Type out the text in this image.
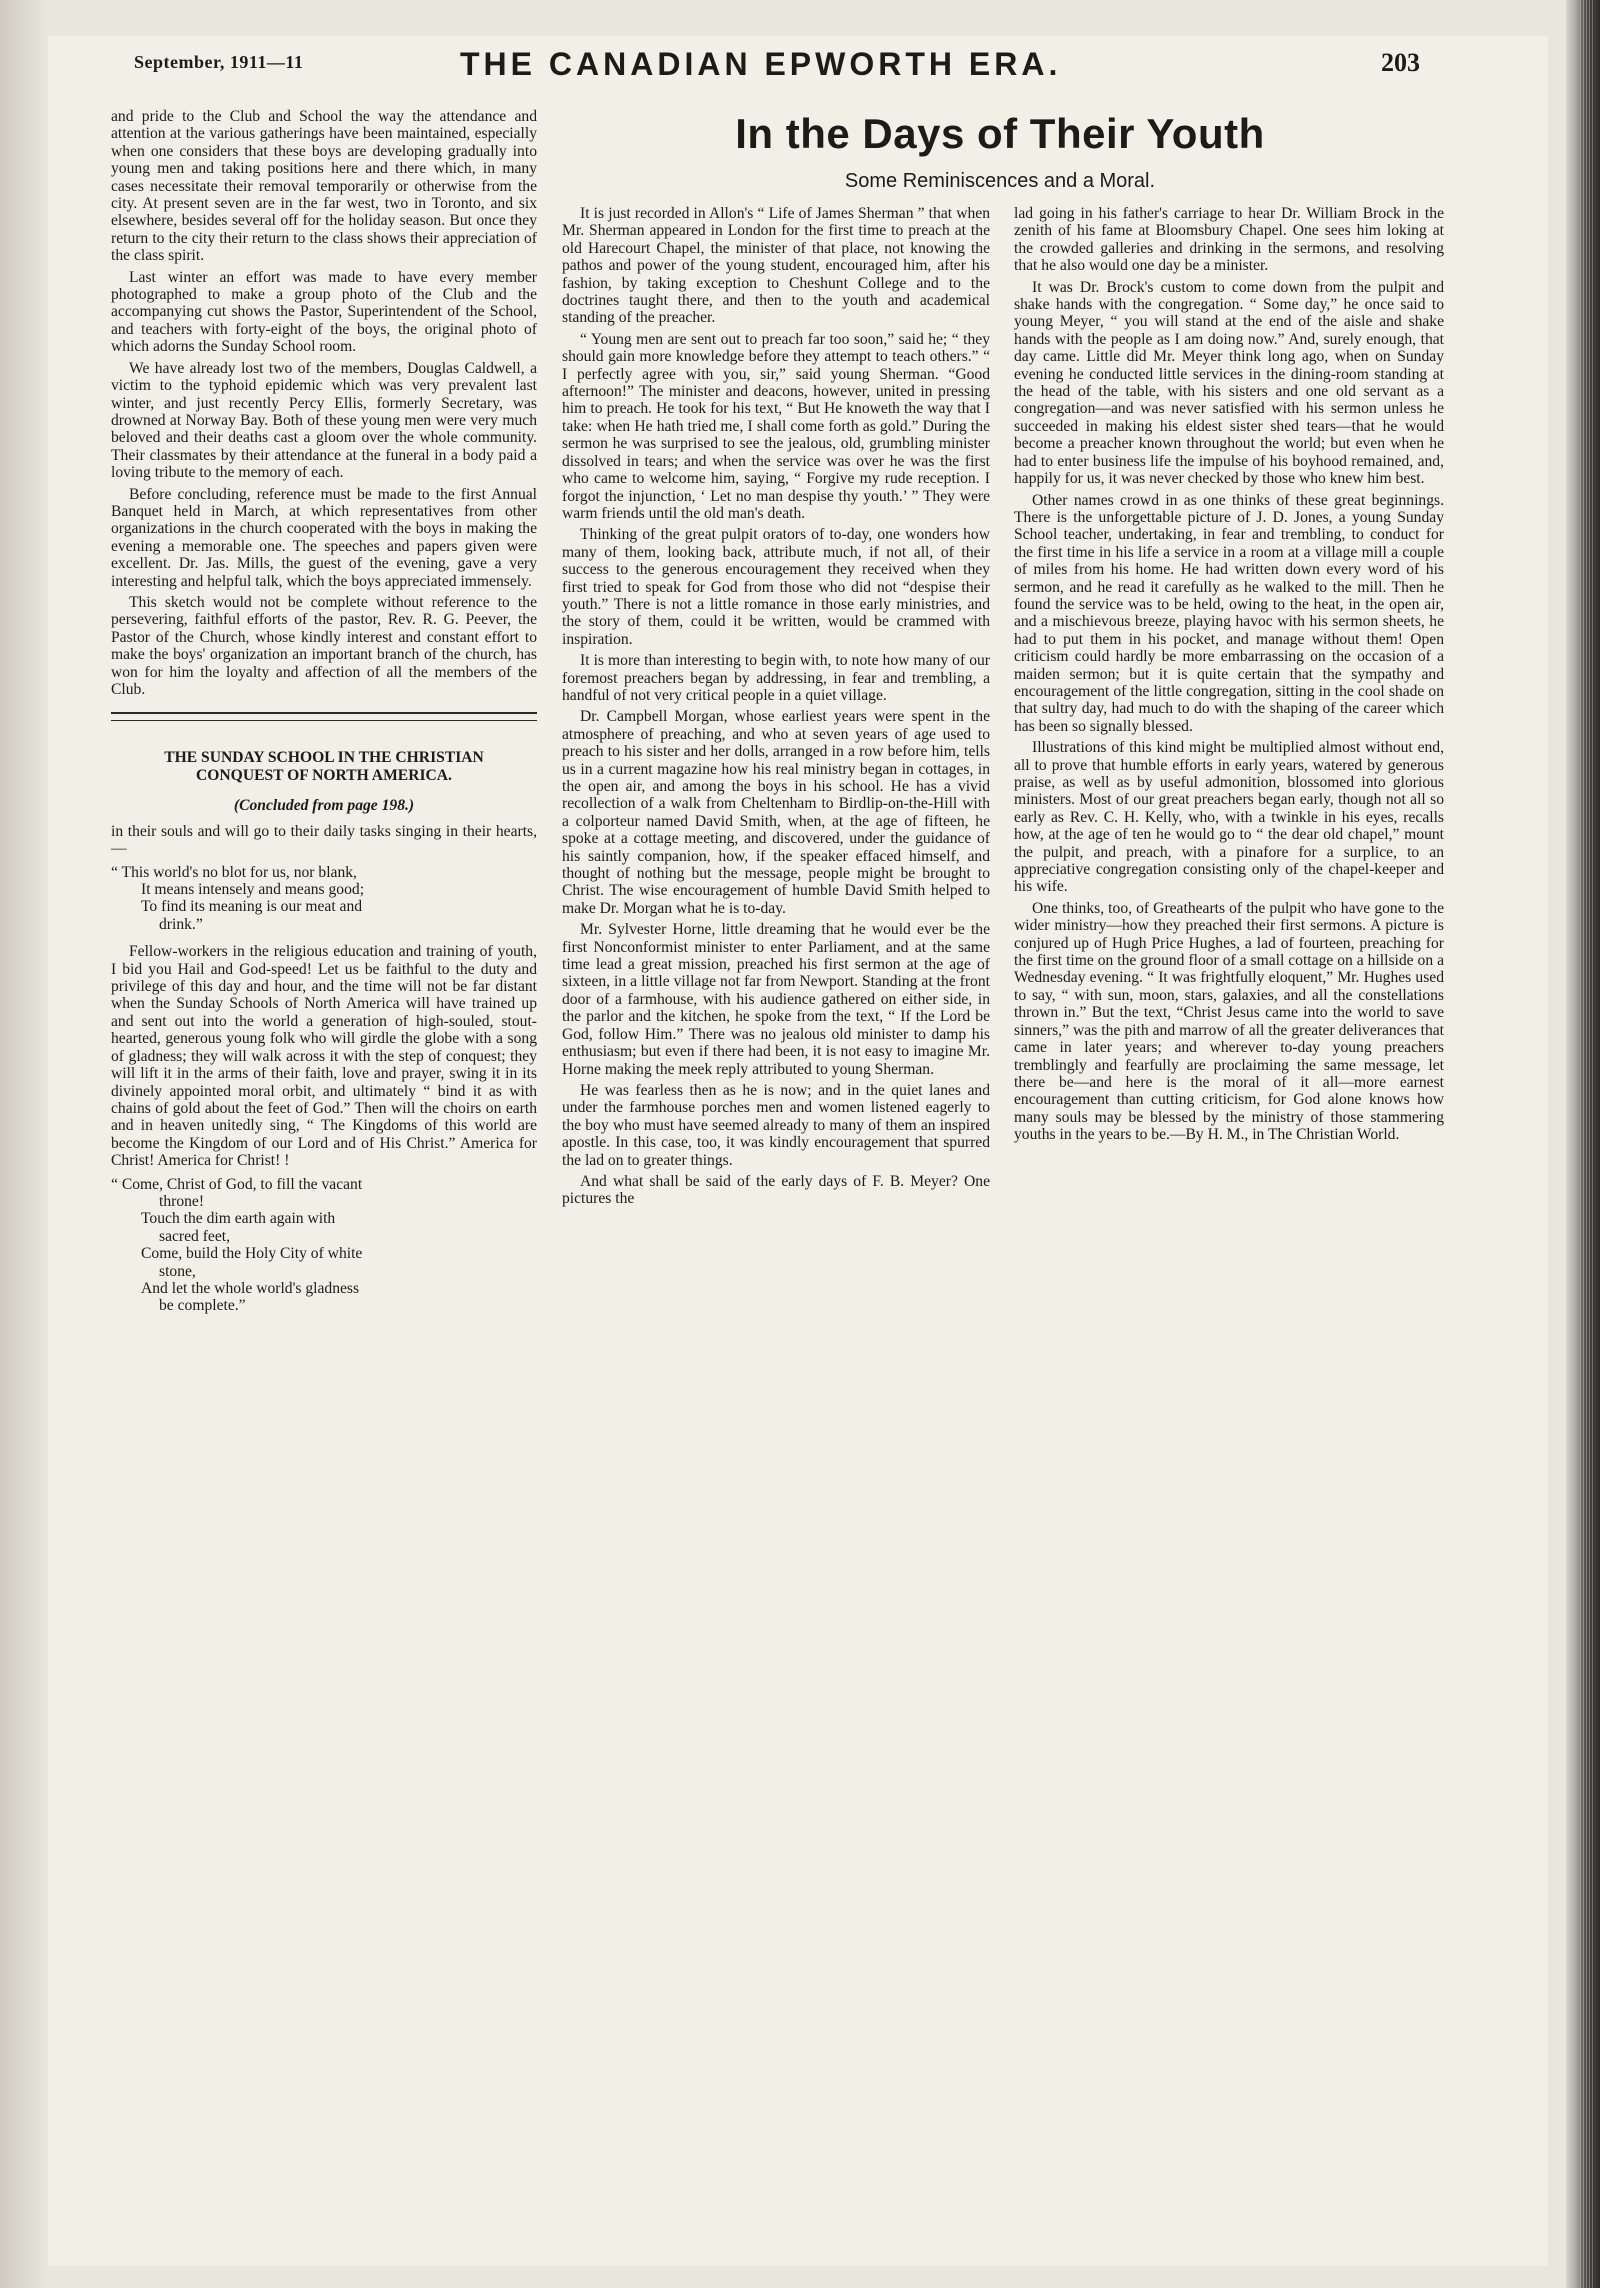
September, 1911—11	THE CANADIAN EPWORTH ERA.	203

and pride to the Club and School the way the attendance and attention at the various gatherings have been maintained, especially when one considers that these boys are developing gradually into young men and taking positions here and there which, in many cases necessitate their removal temporarily or otherwise from the city. At present seven are in the far west, two in Toronto, and six elsewhere, besides several off for the holiday season. But once they return to the city their return to the class shows their appreciation of the class spirit.

Last winter an effort was made to have every member photographed to make a group photo of the Club and the accompanying cut shows the Pastor, Superintendent of the School, and teachers with forty-eight of the boys, the original photo of which adorns the Sunday School room.

We have already lost two of the members, Douglas Caldwell, a victim to the typhoid epidemic which was very prevalent last winter, and just recently Percy Ellis, formerly Secretary, was drowned at Norway Bay. Both of these young men were very much beloved and their deaths cast a gloom over the whole community. Their classmates by their attendance at the funeral in a body paid a loving tribute to the memory of each.

Before concluding, reference must be made to the first Annual Banquet held in March, at which representatives from other organizations in the church cooperated with the boys in making the evening a memorable one. The speeches and papers given were excellent. Dr. Jas. Mills, the guest of the evening, gave a very interesting and helpful talk, which the boys appreciated immensely.

This sketch would not be complete without reference to the persevering, faithful efforts of the pastor, Rev. R. G. Peever, the Pastor of the Church, whose kindly interest and constant effort to make the boys' organization an important branch of the church, has won for him the loyalty and affection of all the members of the Club.

THE SUNDAY SCHOOL IN THE CHRISTIAN CONQUEST OF NORTH AMERICA.
(Concluded from page 198.)

in their souls and will go to their daily tasks singing in their hearts,—

“ This world's no blot for us, nor blank,
It means intensely and means good;
To find its meaning is our meat and
drink.”

Fellow-workers in the religious education and training of youth, I bid you Hail and God-speed! Let us be faithful to the duty and privilege of this day and hour, and the time will not be far distant when the Sunday Schools of North America will have trained up and sent out into the world a generation of high-souled, stout-hearted, generous young folk who will girdle the globe with a song of gladness; they will walk across it with the step of conquest; they will lift it in the arms of their faith, love and prayer, swing it in its divinely appointed moral orbit, and ultimately “ bind it as with chains of gold about the feet of God.” Then will the choirs on earth and in heaven unitedly sing, “ The Kingdoms of this world are become the Kingdom of our Lord and of His Christ.” America for Christ! America for Christ! !

“ Come, Christ of God, to fill the vacant
throne!
Touch the dim earth again with
sacred feet,
Come, build the Holy City of white
stone,
And let the whole world's gladness
be complete.”
In the Days of Their Youth
Some Reminiscences and a Moral.

It is just recorded in Allon's “ Life of James Sherman ” that when Mr. Sherman appeared in London for the first time to preach at the old Harecourt Chapel, the minister of that place, not knowing the pathos and power of the young student, encouraged him, after his fashion, by taking exception to Cheshunt College and to the doctrines taught there, and then to the youth and academical standing of the preacher.

“ Young men are sent out to preach far too soon,” said he; “ they should gain more knowledge before they attempt to teach others.” “ I perfectly agree with you, sir,” said young Sherman. “Good afternoon!” The minister and deacons, however, united in pressing him to preach. He took for his text, “ But He knoweth the way that I take: when He hath tried me, I shall come forth as gold.” During the sermon he was surprised to see the jealous, old, grumbling minister dissolved in tears; and when the service was over he was the first who came to welcome him, saying, “ Forgive my rude reception. I forgot the injunction, ‘ Let no man despise thy youth.’ ” They were warm friends until the old man's death.

Thinking of the great pulpit orators of to-day, one wonders how many of them, looking back, attribute much, if not all, of their success to the generous encouragement they received when they first tried to speak for God from those who did not “despise their youth.” There is not a little romance in those early ministries, and the story of them, could it be written, would be crammed with inspiration.

It is more than interesting to begin with, to note how many of our foremost preachers began by addressing, in fear and trembling, a handful of not very critical people in a quiet village.

Dr. Campbell Morgan, whose earliest years were spent in the atmosphere of preaching, and who at seven years of age used to preach to his sister and her dolls, arranged in a row before him, tells us in a current magazine how his real ministry began in cottages, in the open air, and among the boys in his school. He has a vivid recollection of a walk from Cheltenham to Birdlip-on-the-Hill with a colporteur named David Smith, when, at the age of fifteen, he spoke at a cottage meeting, and discovered, under the guidance of his saintly companion, how, if the speaker effaced himself, and thought of nothing but the message, people might be brought to Christ. The wise encouragement of humble David Smith helped to make Dr. Morgan what he is to-day.

Mr. Sylvester Horne, little dreaming that he would ever be the first Nonconformist minister to enter Parliament, and at the same time lead a great mission, preached his first sermon at the age of sixteen, in a little village not far from Newport. Standing at the front door of a farmhouse, with his audience gathered on either side, in the parlor and the kitchen, he spoke from the text, “ If the Lord be God, follow Him.” There was no jealous old minister to damp his enthusiasm; but even if there had been, it is not easy to imagine Mr. Horne making the meek reply attributed to young Sherman.

He was fearless then as he is now; and in the quiet lanes and under the farmhouse porches men and women listened eagerly to the boy who must have seemed already to many of them an inspired apostle. In this case, too, it was kindly encouragement that spurred the lad on to greater things.

And what shall be said of the early days of F. B. Meyer? One pictures the

lad going in his father's carriage to hear Dr. William Brock in the zenith of his fame at Bloomsbury Chapel. One sees him loking at the crowded galleries and drinking in the sermons, and resolving that he also would one day be a minister.

It was Dr. Brock's custom to come down from the pulpit and shake hands with the congregation. “ Some day,” he once said to young Meyer, “ you will stand at the end of the aisle and shake hands with the people as I am doing now.” And, surely enough, that day came. Little did Mr. Meyer think long ago, when on Sunday evening he conducted little services in the dining-room standing at the head of the table, with his sisters and one old servant as a congregation—and was never satisfied with his sermon unless he succeeded in making his eldest sister shed tears—that he would become a preacher known throughout the world; but even when he had to enter business life the impulse of his boyhood remained, and, happily for us, it was never checked by those who knew him best.

Other names crowd in as one thinks of these great beginnings. There is the unforgettable picture of J. D. Jones, a young Sunday School teacher, undertaking, in fear and trembling, to conduct for the first time in his life a service in a room at a village mill a couple of miles from his home. He had written down every word of his sermon, and he read it carefully as he walked to the mill. Then he found the service was to be held, owing to the heat, in the open air, and a mischievous breeze, playing havoc with his sermon sheets, he had to put them in his pocket, and manage without them! Open criticism could hardly be more embarrassing on the occasion of a maiden sermon; but it is quite certain that the sympathy and encouragement of the little congregation, sitting in the cool shade on that sultry day, had much to do with the shaping of the career which has been so signally blessed.

Illustrations of this kind might be multiplied almost without end, all to prove that humble efforts in early years, watered by generous praise, as well as by useful admonition, blossomed into glorious ministers. Most of our great preachers began early, though not all so early as Rev. C. H. Kelly, who, with a twinkle in his eyes, recalls how, at the age of ten he would go to “ the dear old chapel,” mount the pulpit, and preach, with a pinafore for a surplice, to an appreciative congregation consisting only of the chapel-keeper and his wife.

One thinks, too, of Greathearts of the pulpit who have gone to the wider ministry—how they preached their first sermons. A picture is conjured up of Hugh Price Hughes, a lad of fourteen, preaching for the first time on the ground floor of a small cottage on a hillside on a Wednesday evening. “ It was frightfully eloquent,” Mr. Hughes used to say, “ with sun, moon, stars, galaxies, and all the constellations thrown in.” But the text, “Christ Jesus came into the world to save sinners,” was the pith and marrow of all the greater deliverances that came in later years; and wherever to-day young preachers tremblingly and fearfully are proclaiming the same message, let there be—and here is the moral of it all—more earnest encouragement than cutting criticism, for God alone knows how many souls may be blessed by the ministry of those stammering youths in the years to be.—By H. M., in The Christian World.
